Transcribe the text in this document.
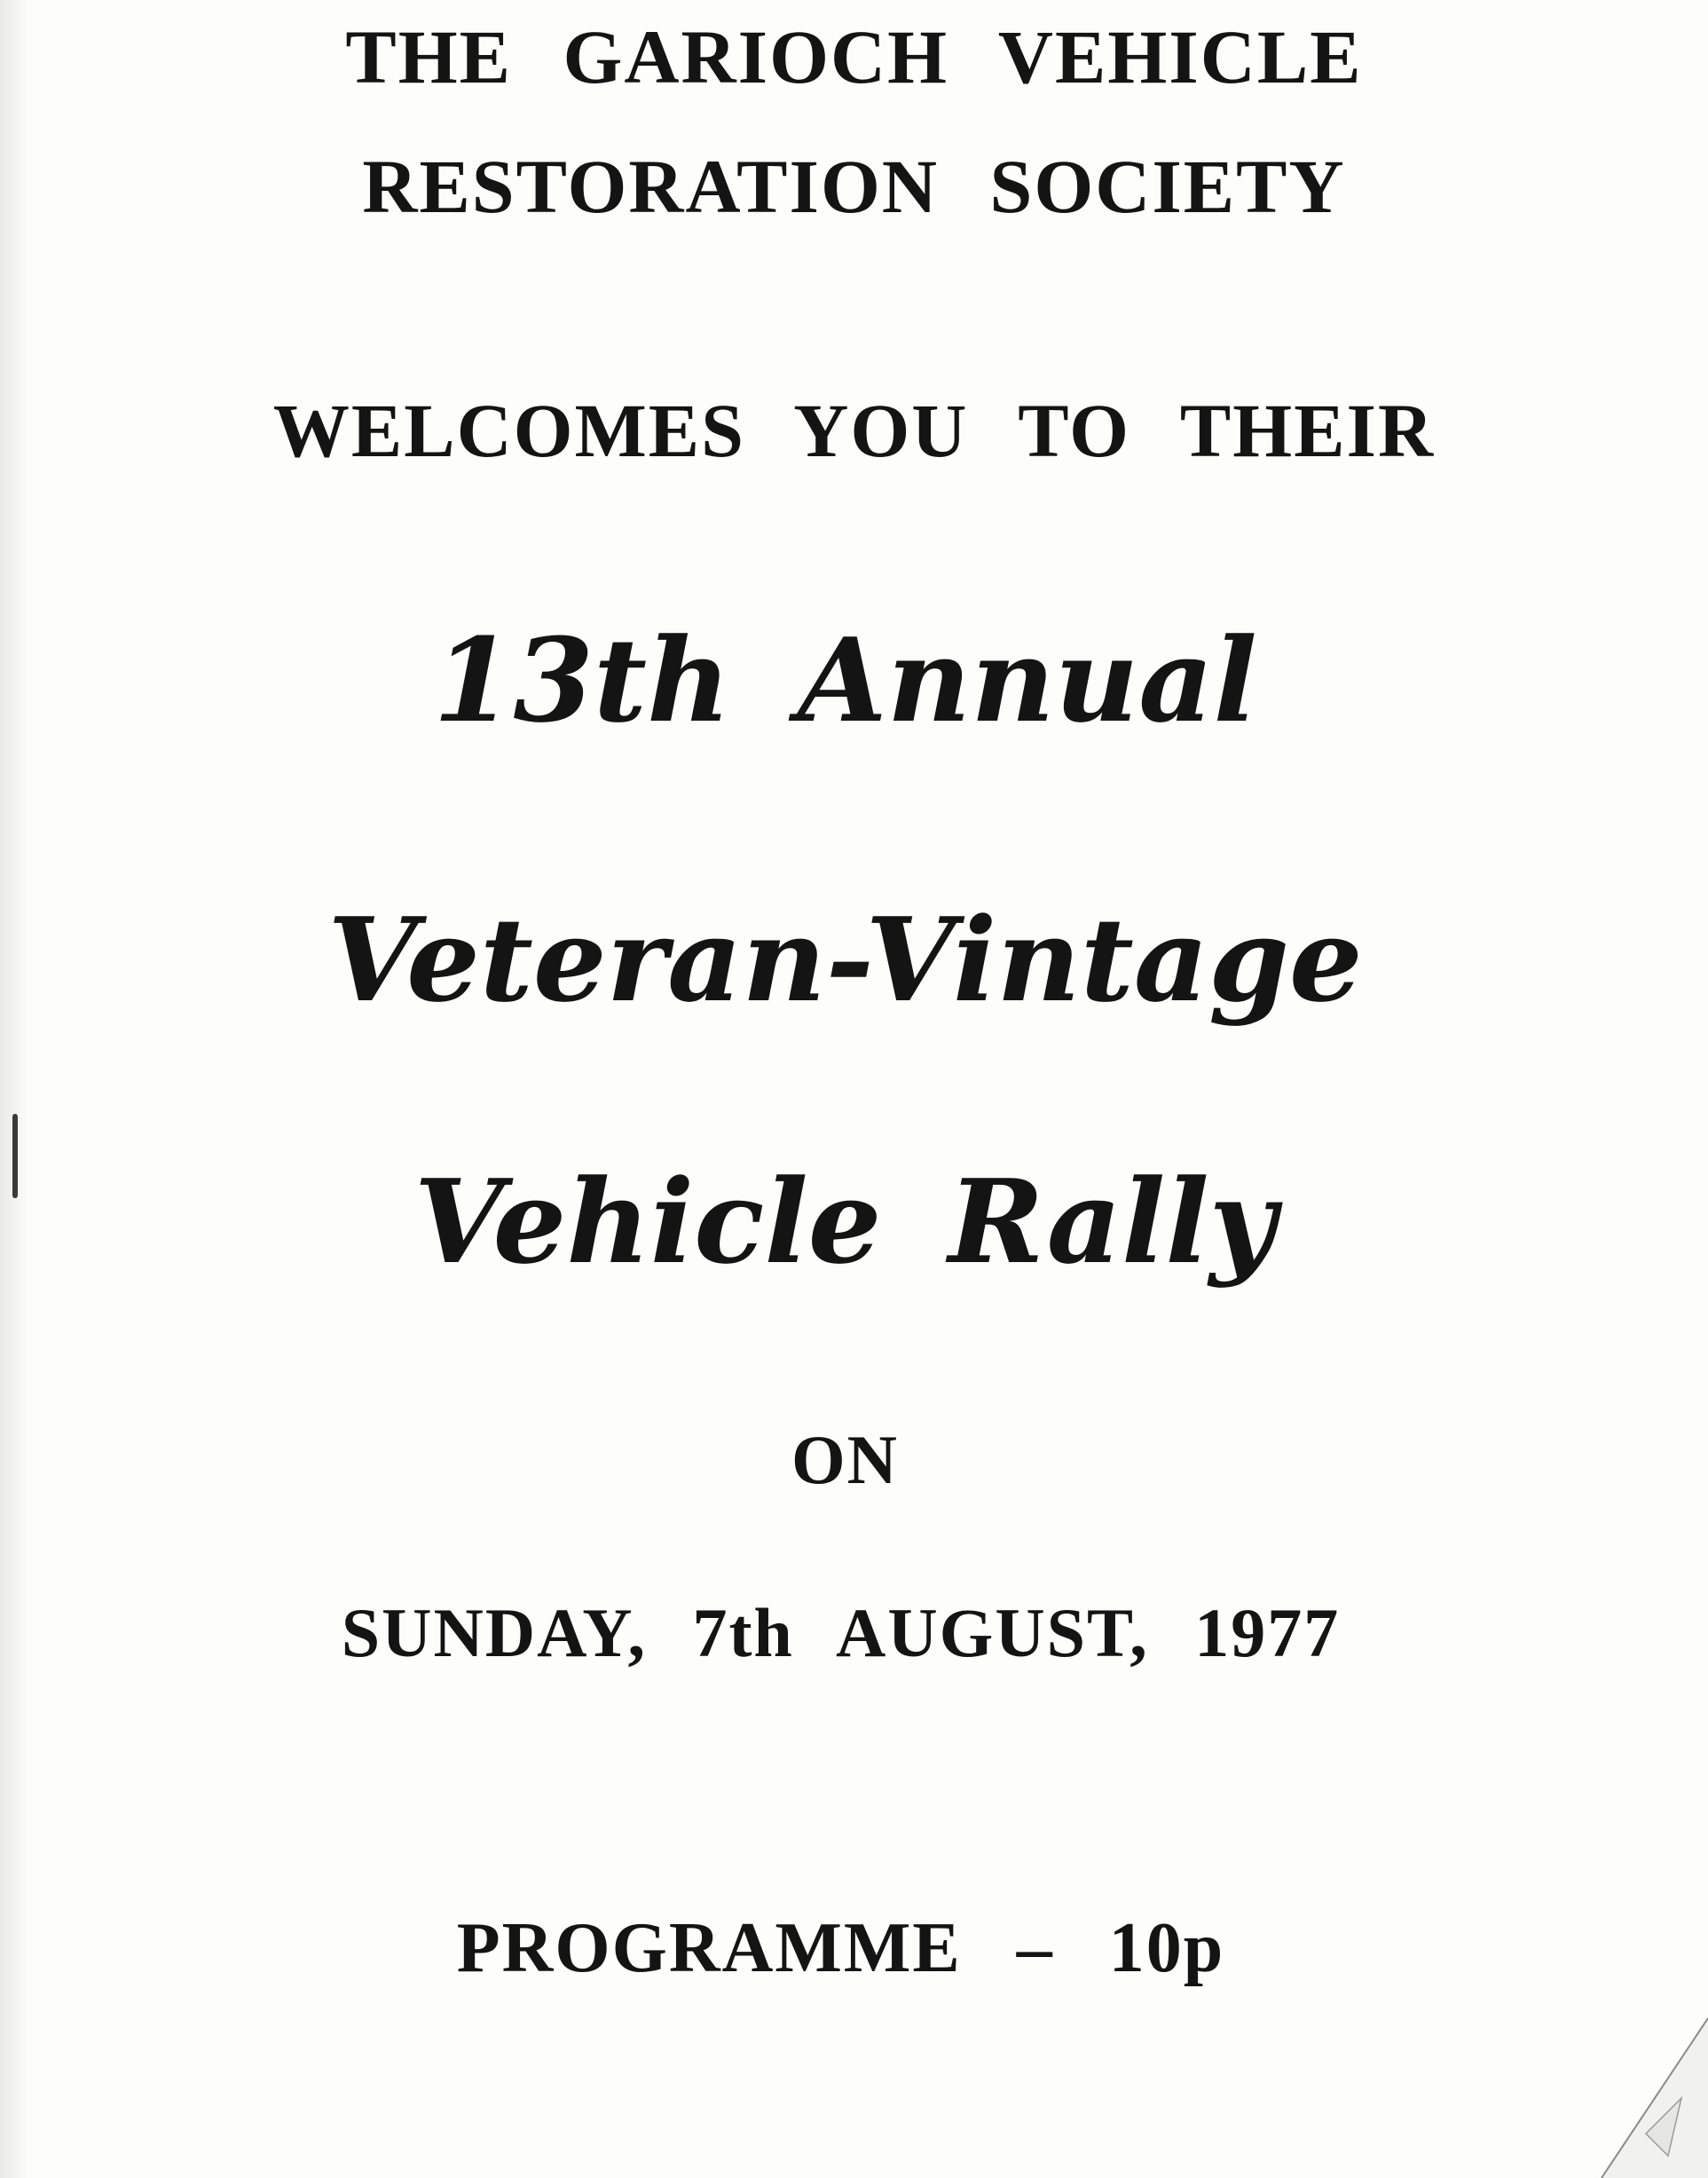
THE GARIOCH VEHICLE
RESTORATION SOCIETY
WELCOMES YOU TO THEIR
13th Annual
Veteran-Vintage
Vehicle Rally
ON
SUNDAY, 7th AUGUST, 1977
PROGRAMME – 10p
